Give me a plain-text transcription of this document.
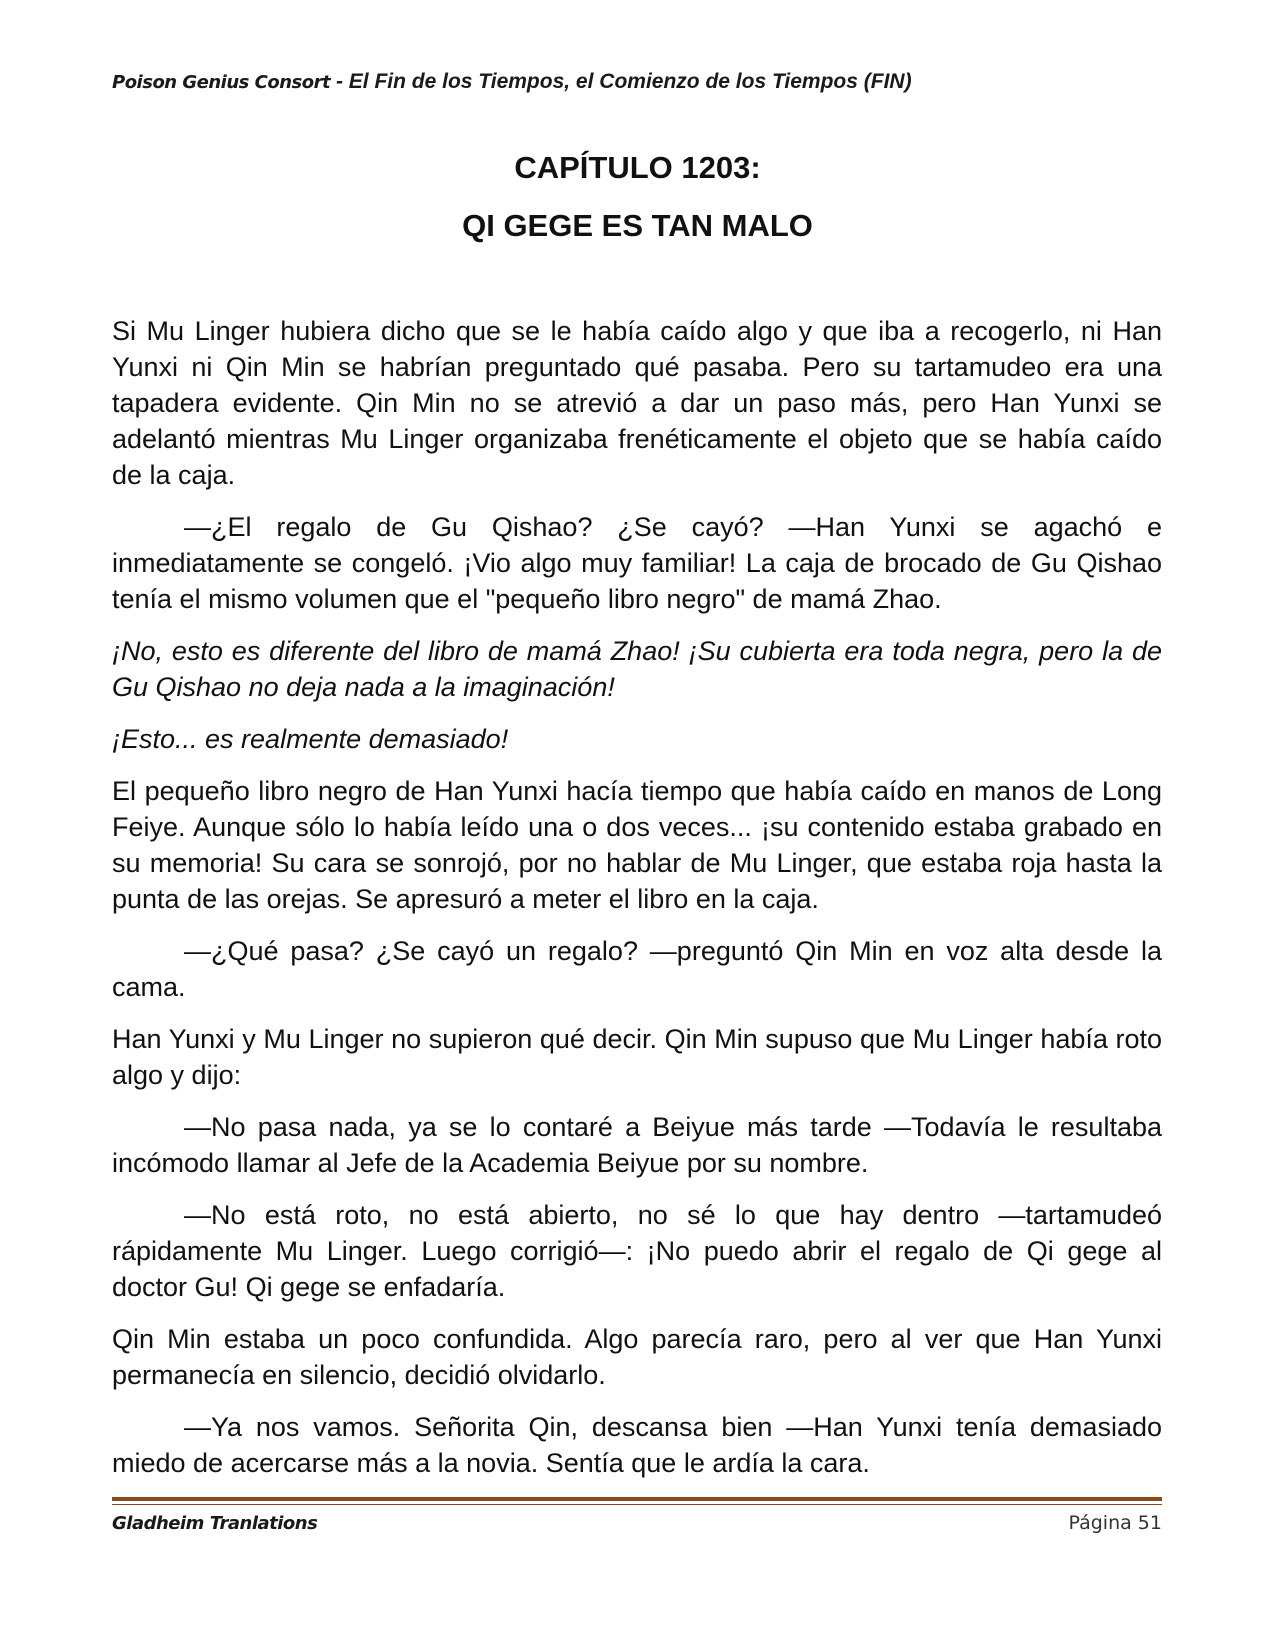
Poison Genius Consort - El Fin de los Tiempos, el Comienzo de los Tiempos (FIN)
CAPÍTULO 1203:
QI GEGE ES TAN MALO

Si Mu Linger hubiera dicho que se le había caído algo y que iba a recogerlo, ni Han Yunxi ni Qin Min se habrían preguntado qué pasaba. Pero su tartamudeo era una tapadera evidente. Qin Min no se atrevió a dar un paso más, pero Han Yunxi se adelantó mientras Mu Linger organizaba frenéticamente el objeto que se había caído de la caja.

—¿El regalo de Gu Qishao? ¿Se cayó? —Han Yunxi se agachó e inmediatamente se congeló. ¡Vio algo muy familiar! La caja de brocado de Gu Qishao tenía el mismo volumen que el "pequeño libro negro" de mamá Zhao.

¡No, esto es diferente del libro de mamá Zhao! ¡Su cubierta era toda negra, pero la de Gu Qishao no deja nada a la imaginación!

¡Esto... es realmente demasiado!

El pequeño libro negro de Han Yunxi hacía tiempo que había caído en manos de Long Feiye. Aunque sólo lo había leído una o dos veces... ¡su contenido estaba grabado en su memoria! Su cara se sonrojó, por no hablar de Mu Linger, que estaba roja hasta la punta de las orejas. Se apresuró a meter el libro en la caja.

—¿Qué pasa? ¿Se cayó un regalo? —preguntó Qin Min en voz alta desde la cama.

Han Yunxi y Mu Linger no supieron qué decir. Qin Min supuso que Mu Linger había roto algo y dijo:

—No pasa nada, ya se lo contaré a Beiyue más tarde —Todavía le resultaba incómodo llamar al Jefe de la Academia Beiyue por su nombre.

—No está roto, no está abierto, no sé lo que hay dentro —tartamudeó rápidamente Mu Linger. Luego corrigió—: ¡No puedo abrir el regalo de Qi gege al doctor Gu! Qi gege se enfadaría.

Qin Min estaba un poco confundida. Algo parecía raro, pero al ver que Han Yunxi permanecía en silencio, decidió olvidarlo.

—Ya nos vamos. Señorita Qin, descansa bien —Han Yunxi tenía demasiado miedo de acercarse más a la novia. Sentía que le ardía la cara.

Gladheim Tranlations	Página 51
